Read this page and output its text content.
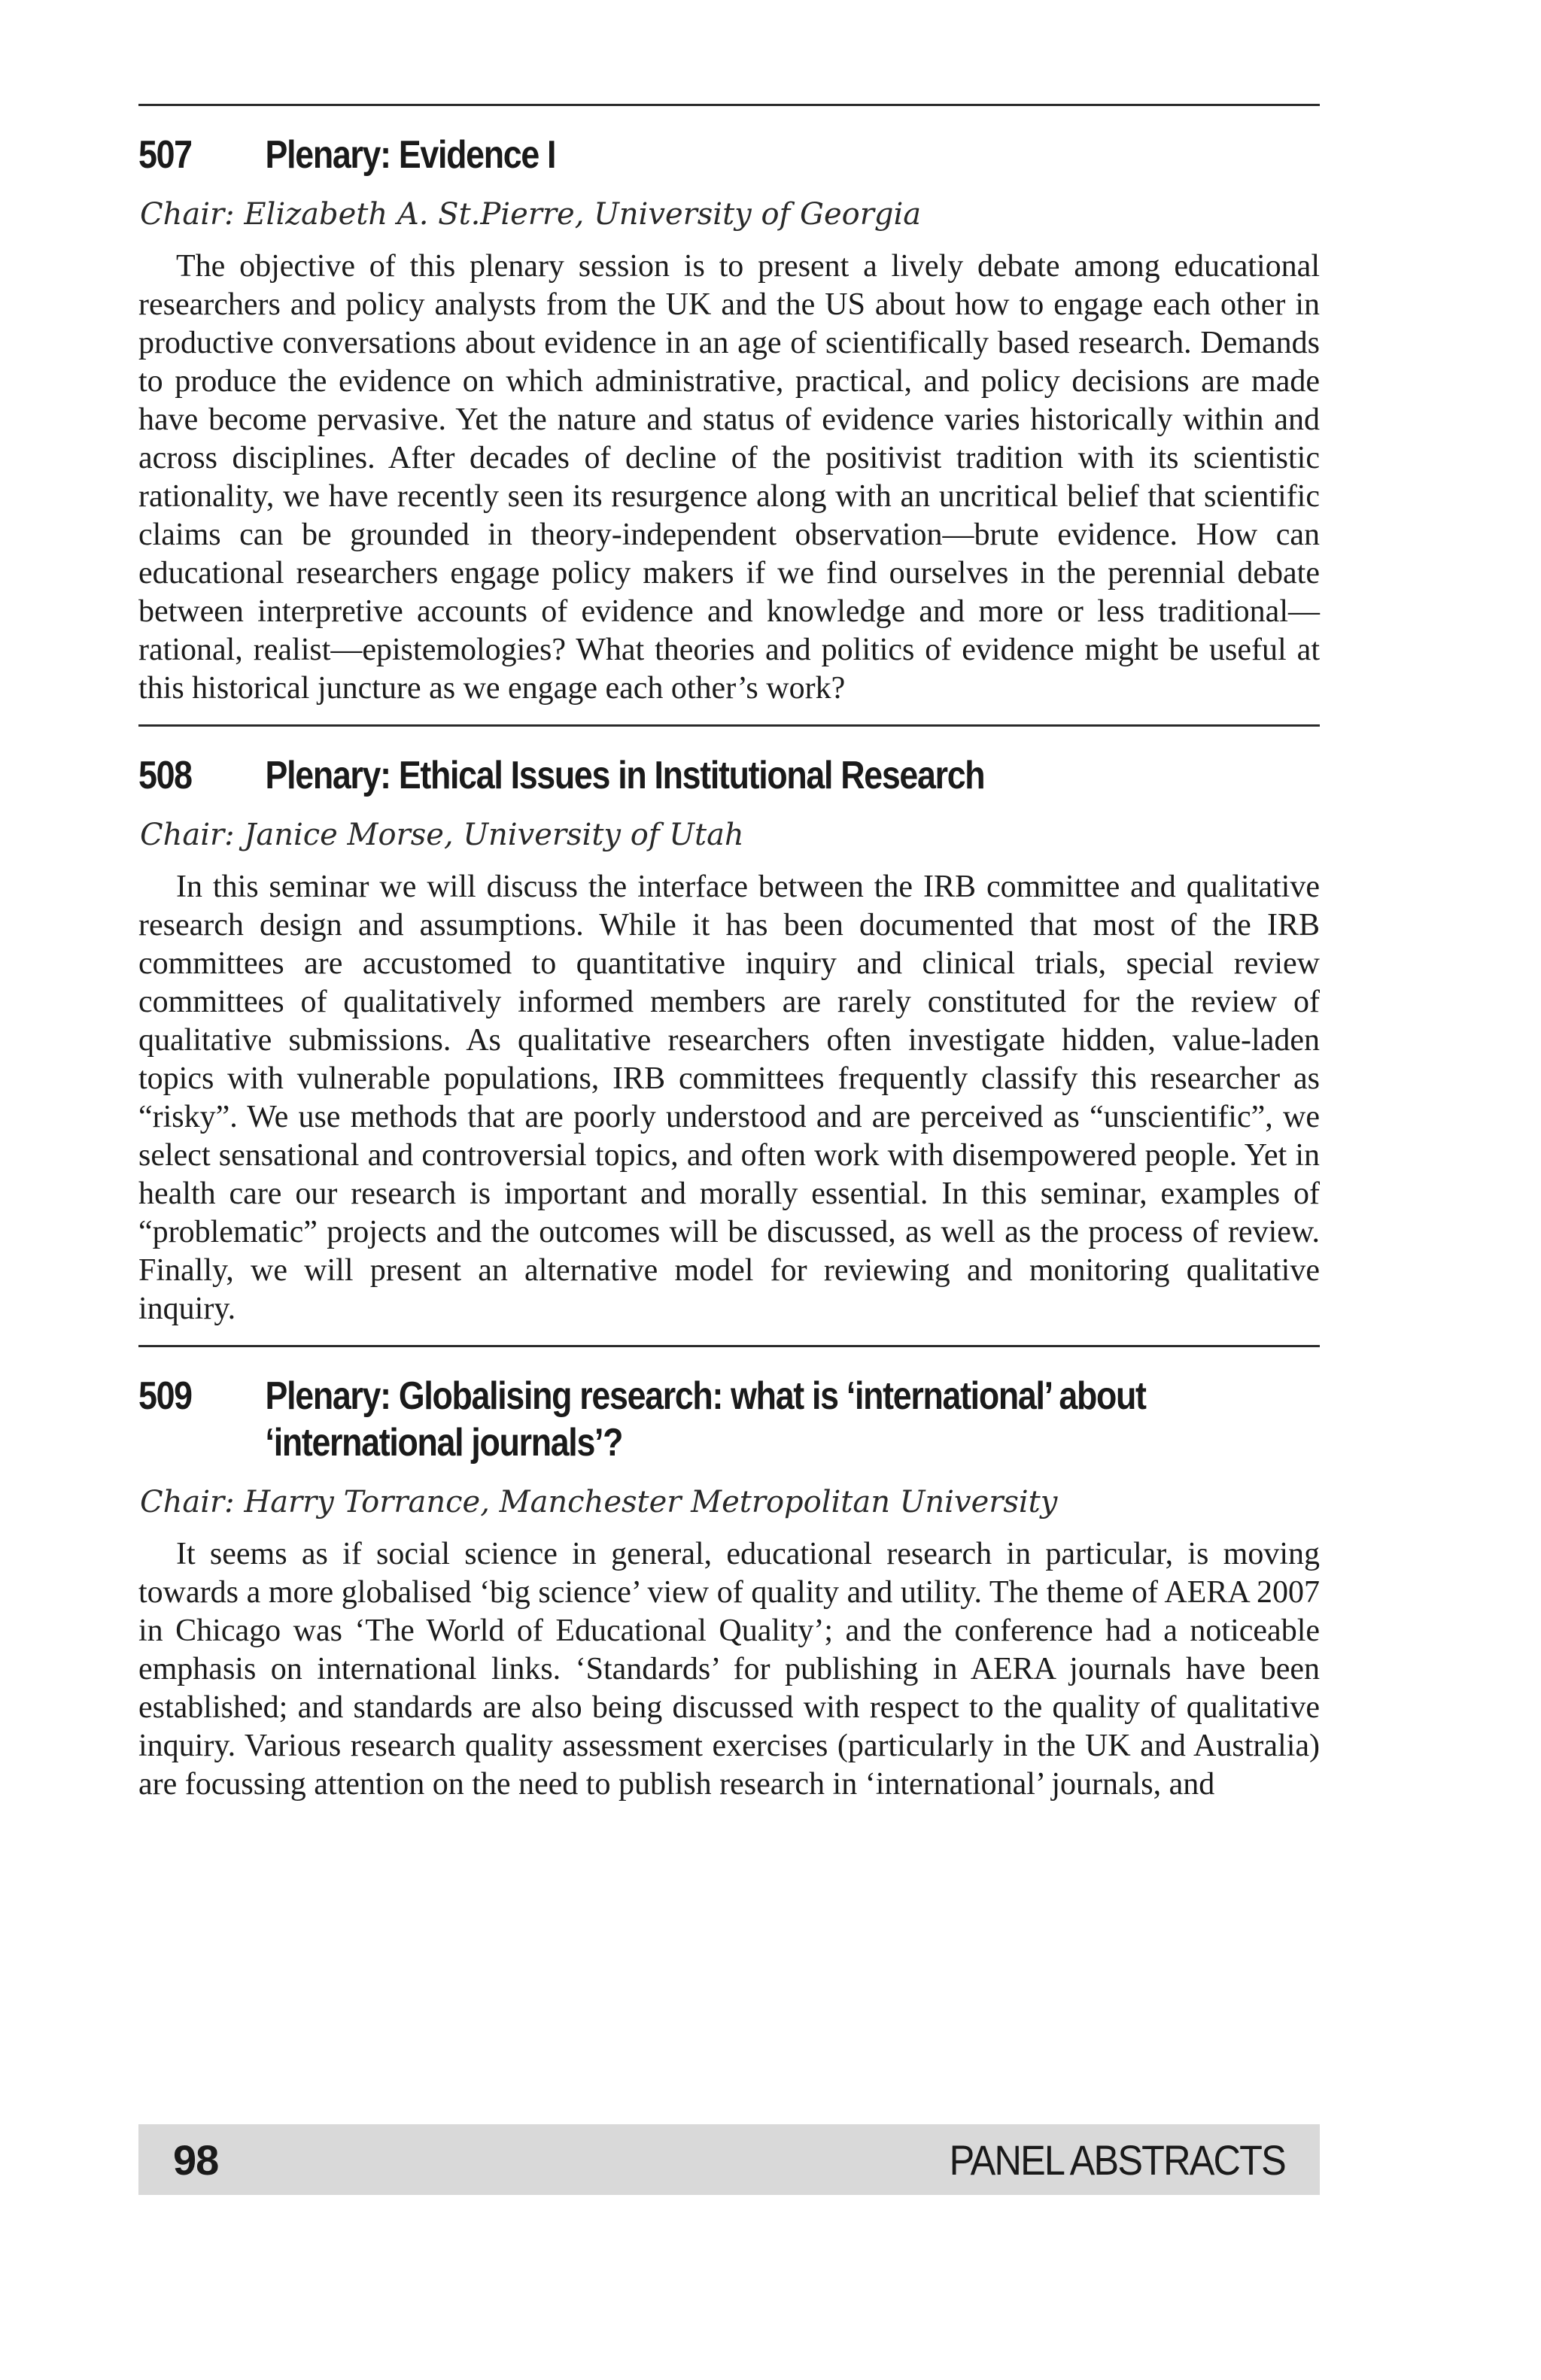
507	Plenary: Evidence I
Chair: Elizabeth A. St.Pierre, University of Georgia

The objective of this plenary session is to present a lively debate among educational researchers and policy analysts from the UK and the US about how to engage each other in productive conversations about evidence in an age of scientifically based research. Demands to produce the evidence on which administrative, practical, and policy decisions are made have become pervasive. Yet the nature and status of evidence varies historically within and across disciplines. After decades of decline of the positivist tradition with its scientistic rationality, we have recently seen its resurgence along with an uncritical belief that scientific claims can be grounded in theory-independent observation—brute evidence. How can educational researchers engage policy makers if we find ourselves in the perennial debate between interpretive accounts of evidence and knowledge and more or less traditional—rational, realist—epistemologies? What theories and politics of evidence might be useful at this historical juncture as we engage each other’s work?

508	Plenary: Ethical Issues in Institutional Research
Chair: Janice Morse, University of Utah

In this seminar we will discuss the interface between the IRB committee and qualitative research design and assumptions. While it has been documented that most of the IRB committees are accustomed to quantitative inquiry and clinical trials, special review committees of qualitatively informed members are rarely constituted for the review of qualitative submissions. As qualitative researchers often investigate hidden, value-laden topics with vulnerable populations, IRB committees frequently classify this researcher as “risky”. We use methods that are poorly understood and are perceived as “unscientific”, we select sensational and controversial topics, and often work with disempowered people. Yet in health care our research is important and morally essential. In this seminar, examples of “problematic” projects and the outcomes will be discussed, as well as the process of review. Finally, we will present an alternative model for reviewing and monitoring qualitative inquiry.

509	Plenary: Globalising research: what is ‘international’ about ‘international journals’?
Chair: Harry Torrance, Manchester Metropolitan University

It seems as if social science in general, educational research in particular, is moving towards a more globalised ‘big science’ view of quality and utility. The theme of AERA 2007 in Chicago was ‘The World of Educational Quality’; and the conference had a noticeable emphasis on international links. ‘Standards’ for publishing in AERA journals have been established; and standards are also being discussed with respect to the quality of qualitative inquiry. Various research quality assessment exercises (particularly in the UK and Australia) are focussing attention on the need to publish research in ‘international’ journals, and

98	PANEL ABSTRACTS
